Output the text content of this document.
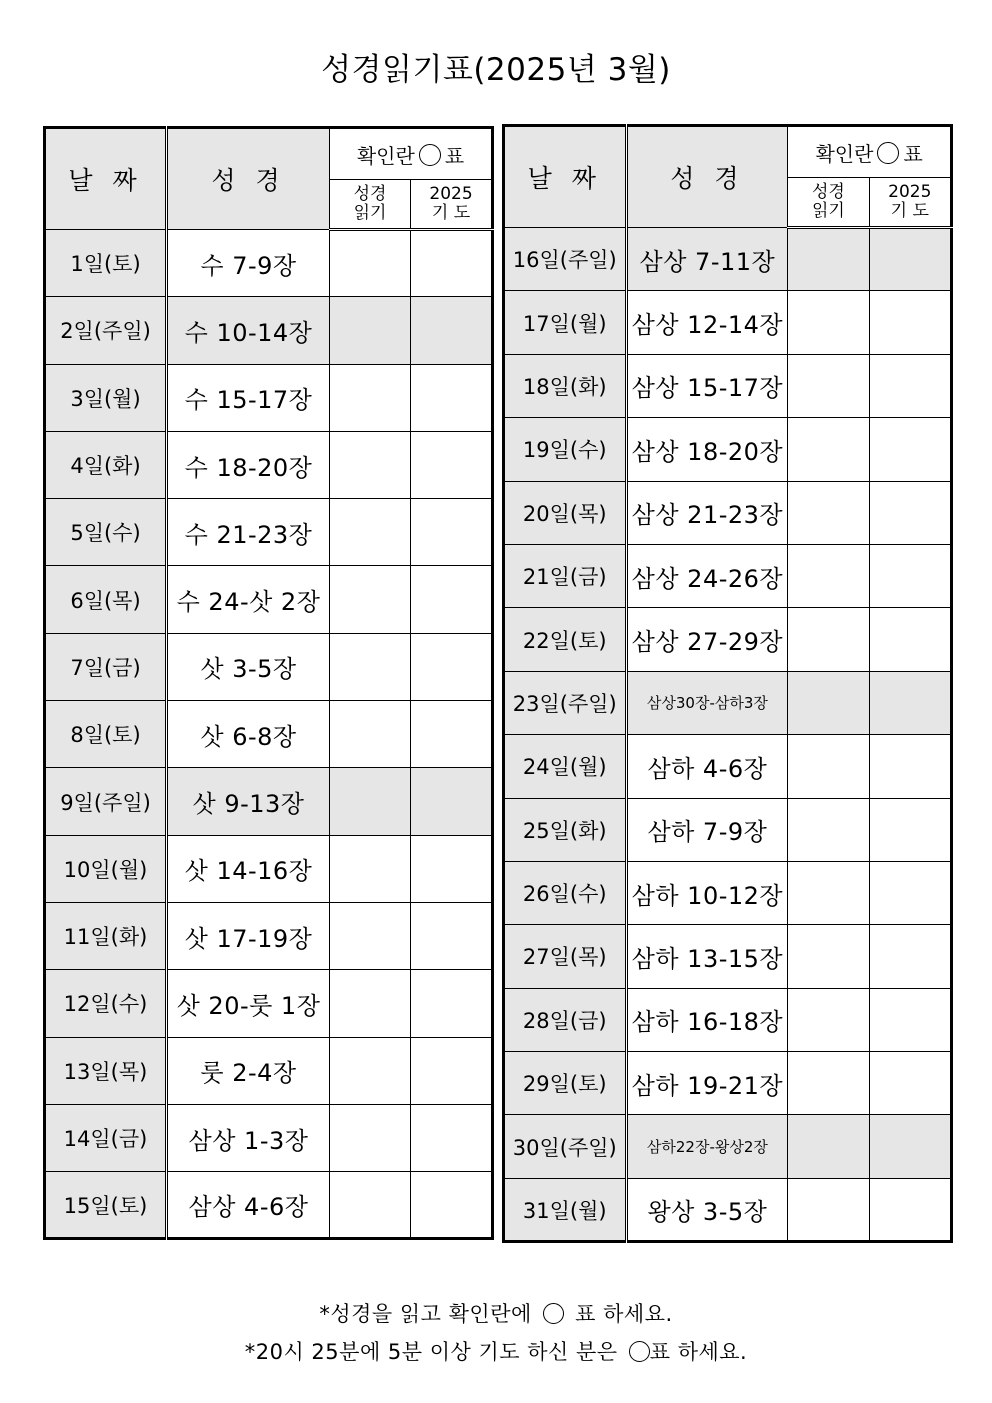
성경읽기표(2025년 3월)
날 짜	성 경	확인란 표	
		성경
읽기	2025
기 도
1일(토)	수 7-9장		
2일(주일)	수 10-14장		
3일(월)	수 15-17장		
4일(화)	수 18-20장		
5일(수)	수 21-23장		
6일(목)	수 24-삿 2장		
7일(금)	삿 3-5장		
8일(토)	삿 6-8장		
9일(주일)	삿 9-13장		
10일(월)	삿 14-16장		
11일(화)	삿 17-19장		
12일(수)	삿 20-룻 1장		
13일(목)	룻 2-4장		
14일(금)	삼상 1-3장		
15일(토)	삼상 4-6장		
날 짜	성 경	확인란 표	
		성경
읽기	2025
기 도
16일(주일)	삼상 7-11장		
17일(월)	삼상 12-14장		
18일(화)	삼상 15-17장		
19일(수)	삼상 18-20장		
20일(목)	삼상 21-23장		
21일(금)	삼상 24-26장		
22일(토)	삼상 27-29장		
23일(주일)	삼상30장-삼하3장		
24일(월)	삼하 4-6장		
25일(화)	삼하 7-9장		
26일(수)	삼하 10-12장		
27일(목)	삼하 13-15장		
28일(금)	삼하 16-18장		
29일(토)	삼하 19-21장		
30일(주일)	삼하22장-왕상2장		
31일(월)	왕상 3-5장		
*성경을 읽고 확인란에 표 하세요.
*20시 25분에 5분 이상 기도 하신 분은 표 하세요.
